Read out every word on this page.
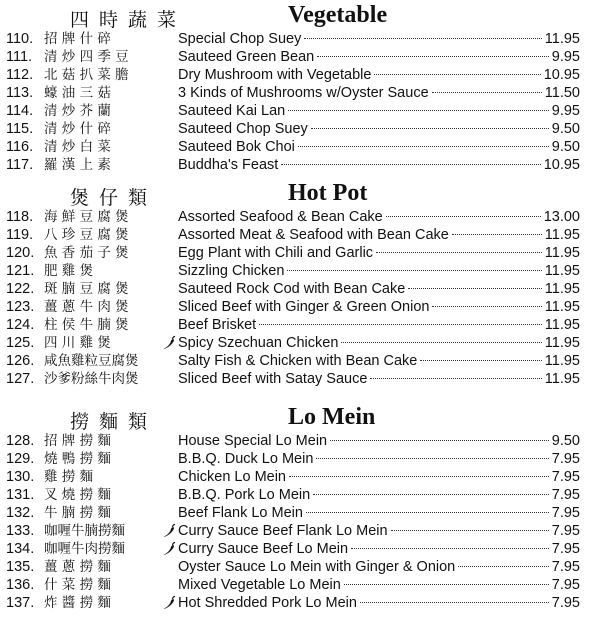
四時蔬菜	Vegetable
110. 招 牌 什 碎	Special Chop Suey	11.95
111. 清 炒 四 季 豆	Sauteed Green Bean	9.95
112. 北 菇 扒 菜 膽	Dry Mushroom with Vegetable	10.95
113. 蠔 油 三 菇	3 Kinds of Mushrooms w/Oyster Sauce	11.50
114. 清 炒 芥 蘭	Sauteed Kai Lan	9.95
115. 清 炒 什 碎	Sauteed Chop Suey	9.50
116. 清 炒 白 菜	Sauteed Bok Choi	9.50
117. 羅 漢 上 素	Buddha's Feast	10.95
煲仔類	Hot Pot
118. 海 鮮 豆 腐 煲	Assorted Seafood & Bean Cake	13.00
119. 八 珍 豆 腐 煲	Assorted Meat & Seafood with Bean Cake	11.95
120. 魚 香 茄 子 煲	Egg Plant with Chili and Garlic	11.95
121. 肥 雞 煲	Sizzling Chicken	11.95
122. 斑 腩 豆 腐 煲	Sauteed Rock Cod with Bean Cake	11.95
123. 薑 蔥 牛 肉 煲	Sliced Beef with Ginger & Green Onion	11.95
124. 柱 侯 牛 腩 煲	Beef Brisket	11.95
125. 四 川 雞 煲	Spicy Szechuan Chicken	11.95
126. 咸魚雞粒豆腐煲	Salty Fish & Chicken with Bean Cake	11.95
127. 沙爹粉絲牛肉煲	Sliced Beef with Satay Sauce	11.95
撈麵類	Lo Mein
128. 招 牌 撈 麵	House Special Lo Mein	9.50
129. 燒 鴨 撈 麵	B.B.Q. Duck Lo Mein	7.95
130. 雞 撈 麵	Chicken Lo Mein	7.95
131. 叉 燒 撈 麵	B.B.Q. Pork Lo Mein	7.95
132. 牛 腩 撈 麵	Beef Flank Lo Mein	7.95
133. 咖喱牛腩撈麵	Curry Sauce Beef Flank Lo Mein	7.95
134. 咖喱牛肉撈麵	Curry Sauce Beef Lo Mein	7.95
135. 薑 蔥 撈 麵	Oyster Sauce Lo Mein with Ginger & Onion	7.95
136. 什 菜 撈 麵	Mixed Vegetable Lo Mein	7.95
137. 炸 醬 撈 麵	Hot Shredded Pork Lo Mein	7.95
